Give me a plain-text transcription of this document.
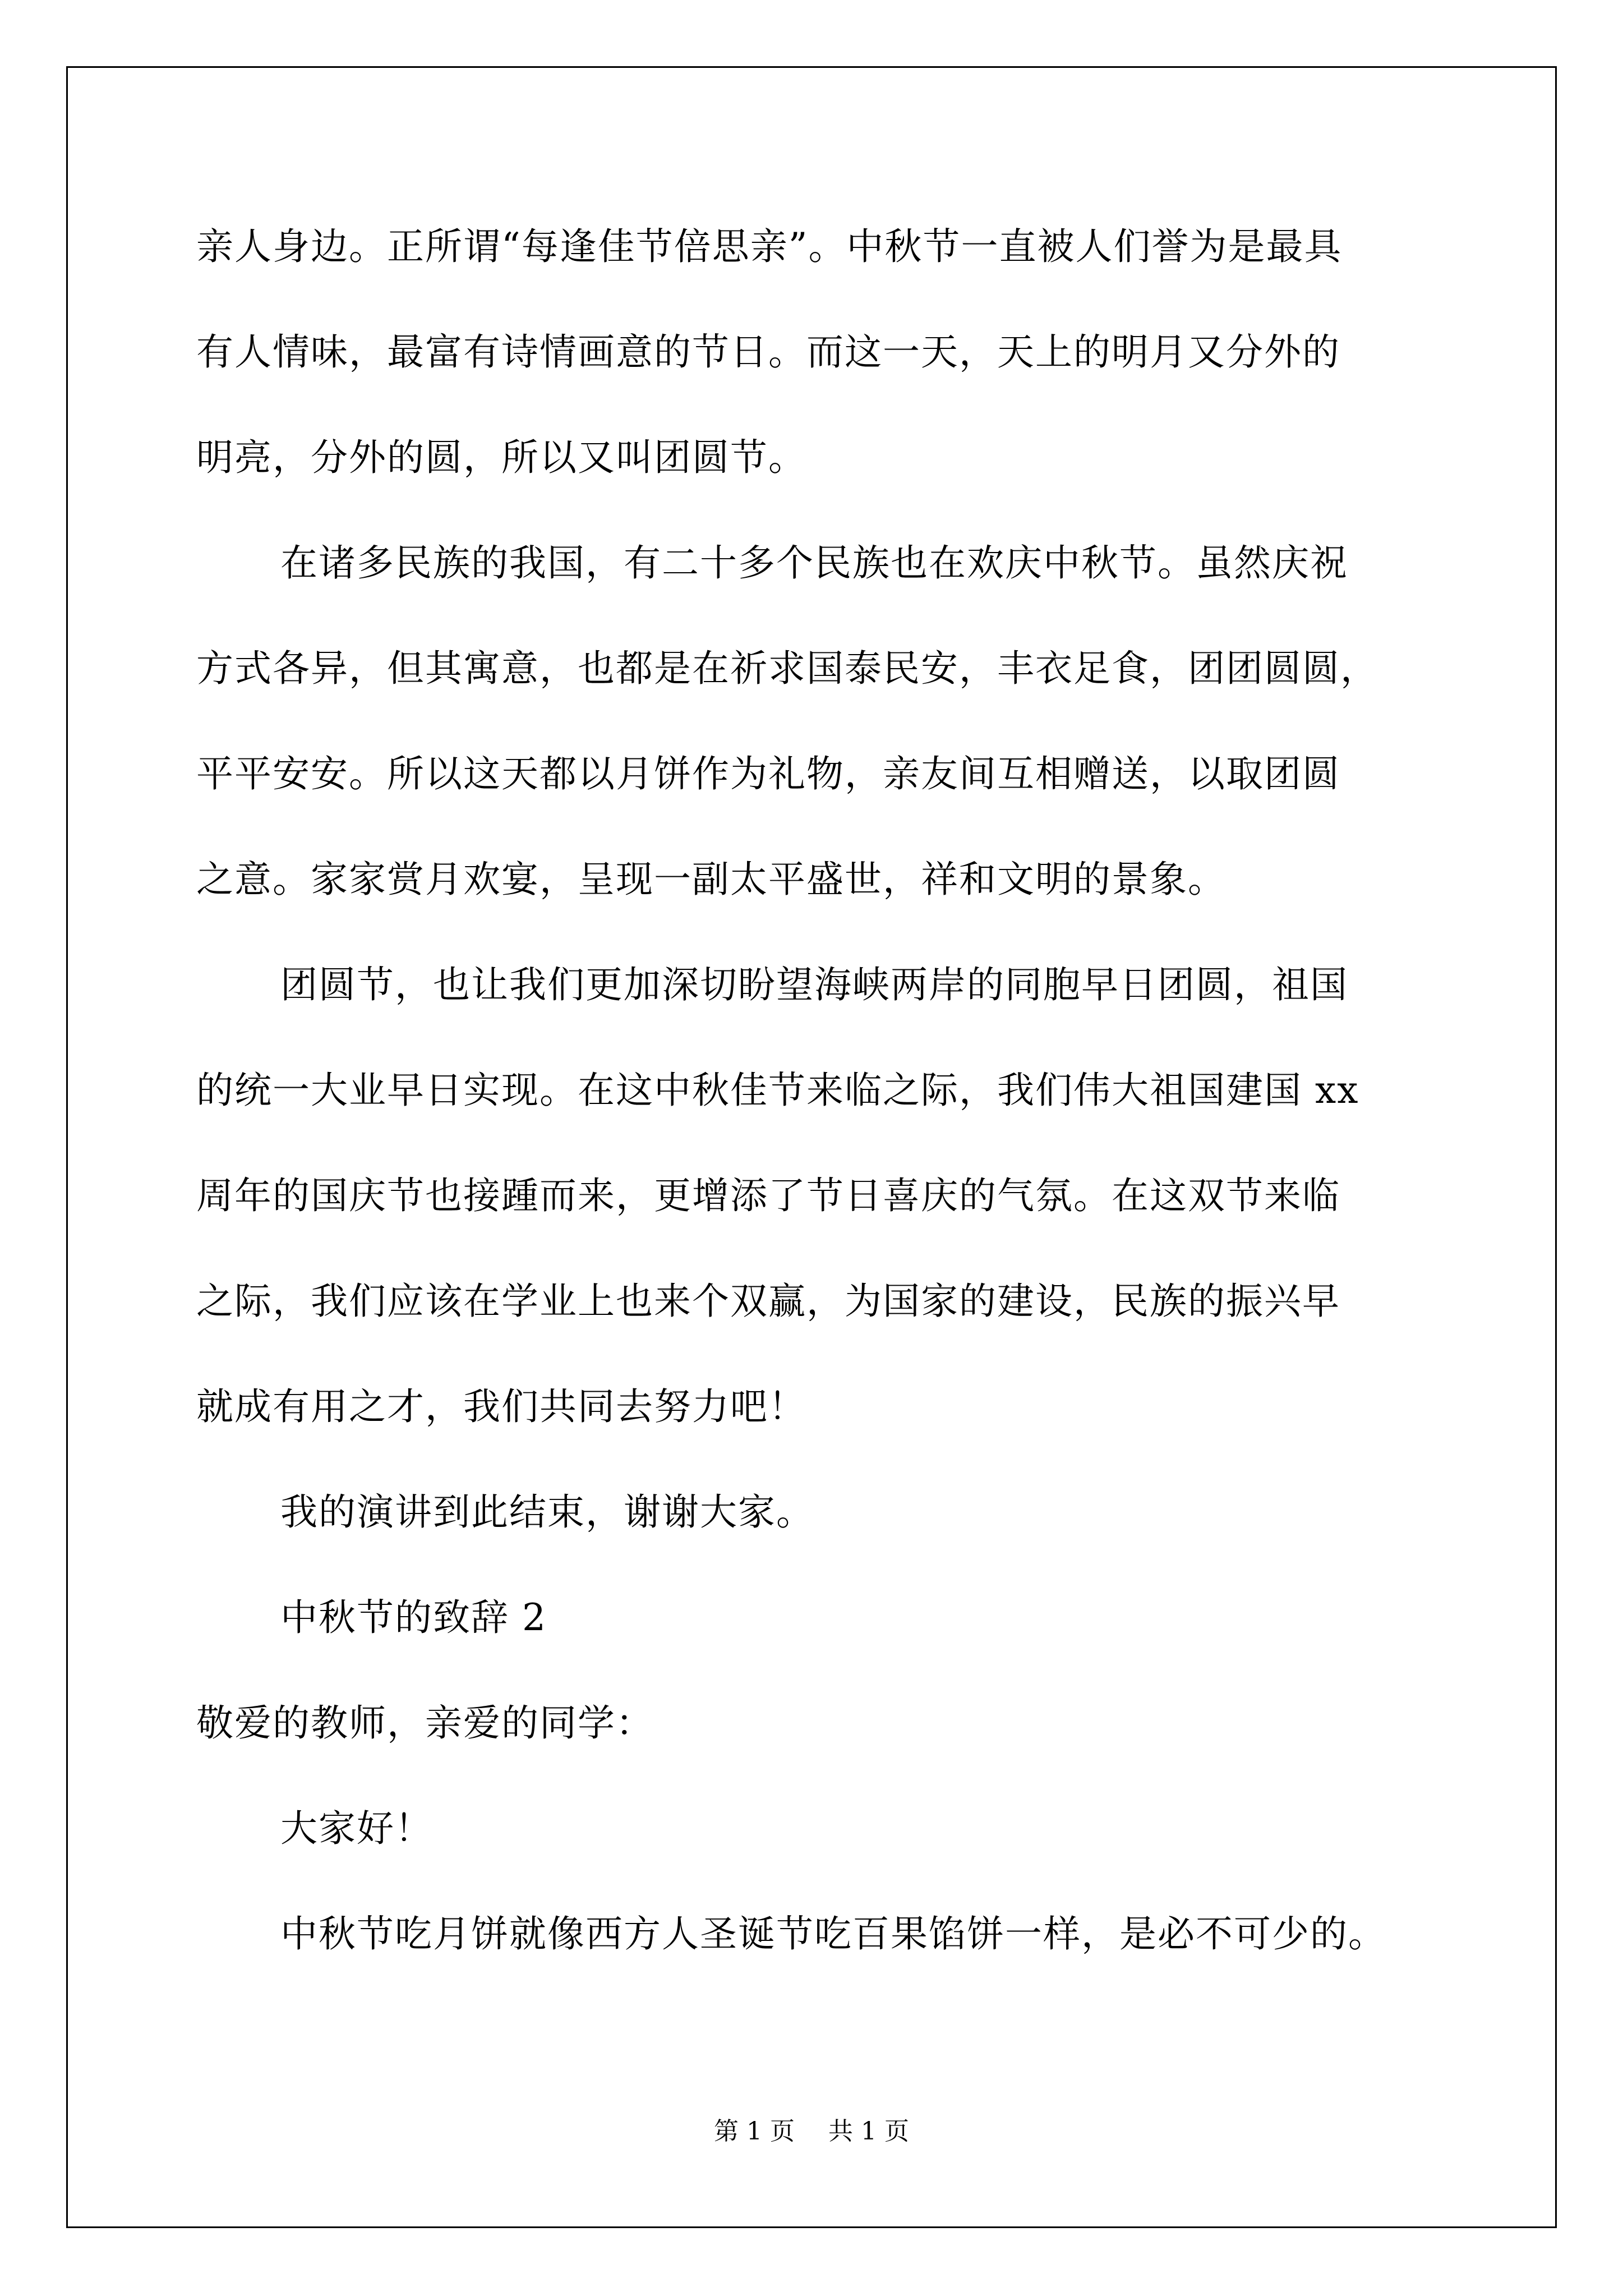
亲人身边。正所谓“每逢佳节倍思亲”。中秋节一直被人们誉为是最具
有人情味，最富有诗情画意的节日。而这一天，天上的明月又分外的
明亮，分外的圆，所以又叫团圆节。
在诸多民族的我国，有二十多个民族也在欢庆中秋节。虽然庆祝
方式各异，但其寓意，也都是在祈求国泰民安，丰衣足食，团团圆圆，
平平安安。所以这天都以月饼作为礼物，亲友间互相赠送，以取团圆
之意。家家赏月欢宴，呈现一副太平盛世，祥和文明的景象。
团圆节，也让我们更加深切盼望海峡两岸的同胞早日团圆，祖国
的统一大业早日实现。在这中秋佳节来临之际，我们伟大祖国建国 xx
周年的国庆节也接踵而来，更增添了节日喜庆的气氛。在这双节来临
之际，我们应该在学业上也来个双赢，为国家的建设，民族的振兴早
就成有用之才，我们共同去努力吧！
我的演讲到此结束，谢谢大家。
中秋节的致辞 2
敬爱的教师，亲爱的同学：
大家好！
中秋节吃月饼就像西方人圣诞节吃百果馅饼一样，是必不可少的。
第 1 页 共 1 页
